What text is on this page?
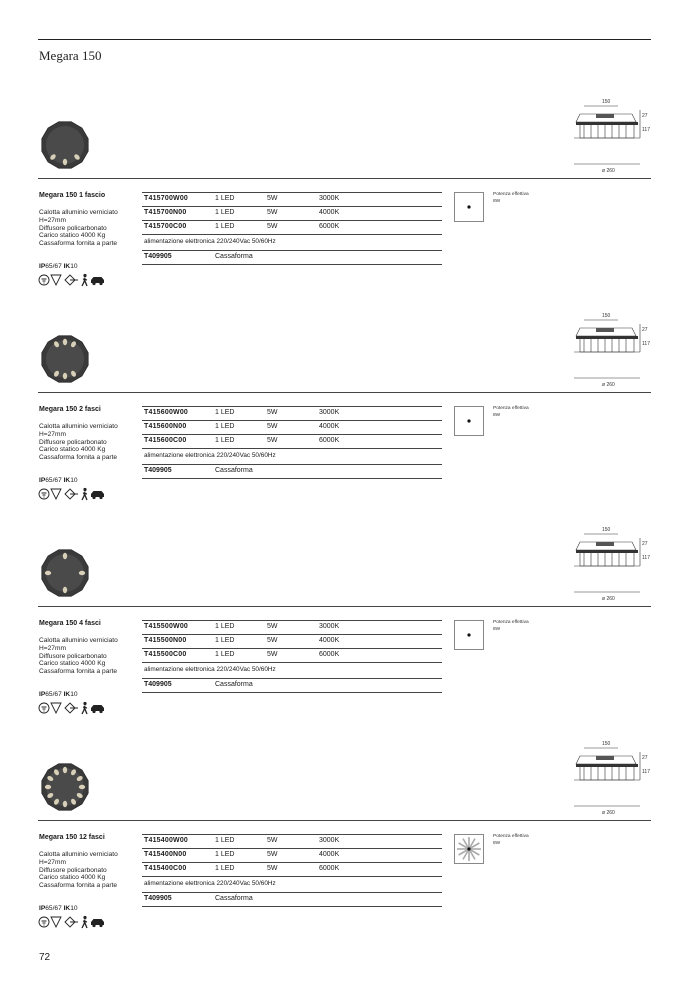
Megara 150
150
27
117
ø 260
Megara 150 1 fascio
Calotta alluminio verniciato
H=27mm
Diffusore policarbonato
Carico statico 4000 Kg
Cassaforma fornita a parte
IP65/67 IK10
T415700W00	1 LED	5W	3000K
T415700N00	1 LED	5W	4000K
T415700C00	1 LED	5W	6000K
alimentazione elettronica 220/240Vac 50/60Hz
T409905	Cassaforma
Potenza effettiva
8W
150
27
117
ø 260
Megara 150 2 fasci
Calotta alluminio verniciato
H=27mm
Diffusore policarbonato
Carico statico 4000 Kg
Cassaforma fornita a parte
IP65/67 IK10
T415600W00	1 LED	5W	3000K
T415600N00	1 LED	5W	4000K
T415600C00	1 LED	5W	6000K
alimentazione elettronica 220/240Vac 50/60Hz
T409905	Cassaforma
Potenza effettiva
8W
150
27
117
ø 260
Megara 150 4 fasci
Calotta alluminio verniciato
H=27mm
Diffusore policarbonato
Carico statico 4000 Kg
Cassaforma fornita a parte
IP65/67 IK10
T415500W00	1 LED	5W	3000K
T415500N00	1 LED	5W	4000K
T415500C00	1 LED	5W	6000K
alimentazione elettronica 220/240Vac 50/60Hz
T409905	Cassaforma
Potenza effettiva
8W
150
27
117
ø 260
Megara 150 12 fasci
Calotta alluminio verniciato
H=27mm
Diffusore policarbonato
Carico statico 4000 Kg
Cassaforma fornita a parte
IP65/67 IK10
T415400W00	1 LED	5W	3000K
T415400N00	1 LED	5W	4000K
T415400C00	1 LED	5W	6000K
alimentazione elettronica 220/240Vac 50/60Hz
T409905	Cassaforma
Potenza effettiva
8W
72
